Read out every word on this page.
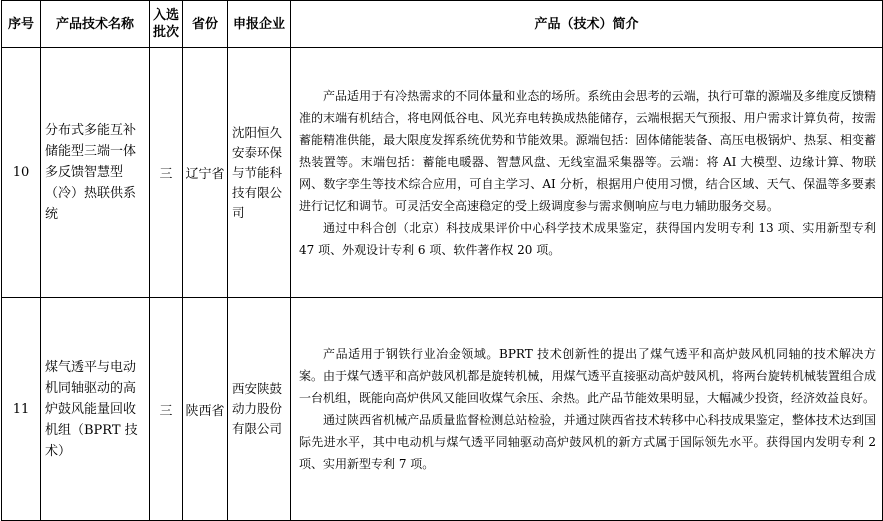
序号	产品技术名称	入选批次	省份	申报企业	产品（技术）简介
10	分布式多能互补储能型三端一体多反馈智慧型（冷）热联供系统	三	辽宁省	沈阳恒久安泰环保与节能科技有限公司	产品适用于有冷热需求的不同体量和业态的场所。系统由会思考的云端，执行可靠的源端及多维度反馈精准的末端有机结合，将电网低谷电、风光弃电转换成热能储存，云端根据天气预报、用户需求计算负荷，按需蓄能精准供能，最大限度发挥系统优势和节能效果。源端包括：固体储能装备、高压电极锅炉、热泵、相变蓄热装置等。末端包括：蓄能电暖器、智慧风盘、无线室温采集器等。云端：将 AI 大模型、边缘计算、物联网、数字孪生等技术综合应用，可自主学习、AI 分析，根据用户使用习惯，结合区域、天气、保温等多要素进行记忆和调节。可灵活安全高速稳定的受上级调度参与需求侧响应与电力辅助服务交易。

通过中科合创（北京）科技成果评价中心科学技术成果鉴定，获得国内发明专利 13 项、实用新型专利 47 项、外观设计专利 6 项、软件著作权 20 项。

11	煤气透平与电动机同轴驱动的高炉鼓风能量回收机组（BPRT 技术）	三	陕西省	西安陕鼓动力股份有限公司	产品适用于钢铁行业冶金领域。BPRT 技术创新性的提出了煤气透平和高炉鼓风机同轴的技术解决方案。由于煤气透平和高炉鼓风机都是旋转机械，用煤气透平直接驱动高炉鼓风机，将两台旋转机械装置组合成一台机组，既能向高炉供风又能回收煤气余压、余热。此产品节能效果明显，大幅减少投资，经济效益良好。

通过陕西省机械产品质量监督检测总站检验，并通过陕西省技术转移中心科技成果鉴定，整体技术达到国际先进水平，其中电动机与煤气透平同轴驱动高炉鼓风机的新方式属于国际领先水平。获得国内发明专利 2 项、实用新型专利 7 项。
